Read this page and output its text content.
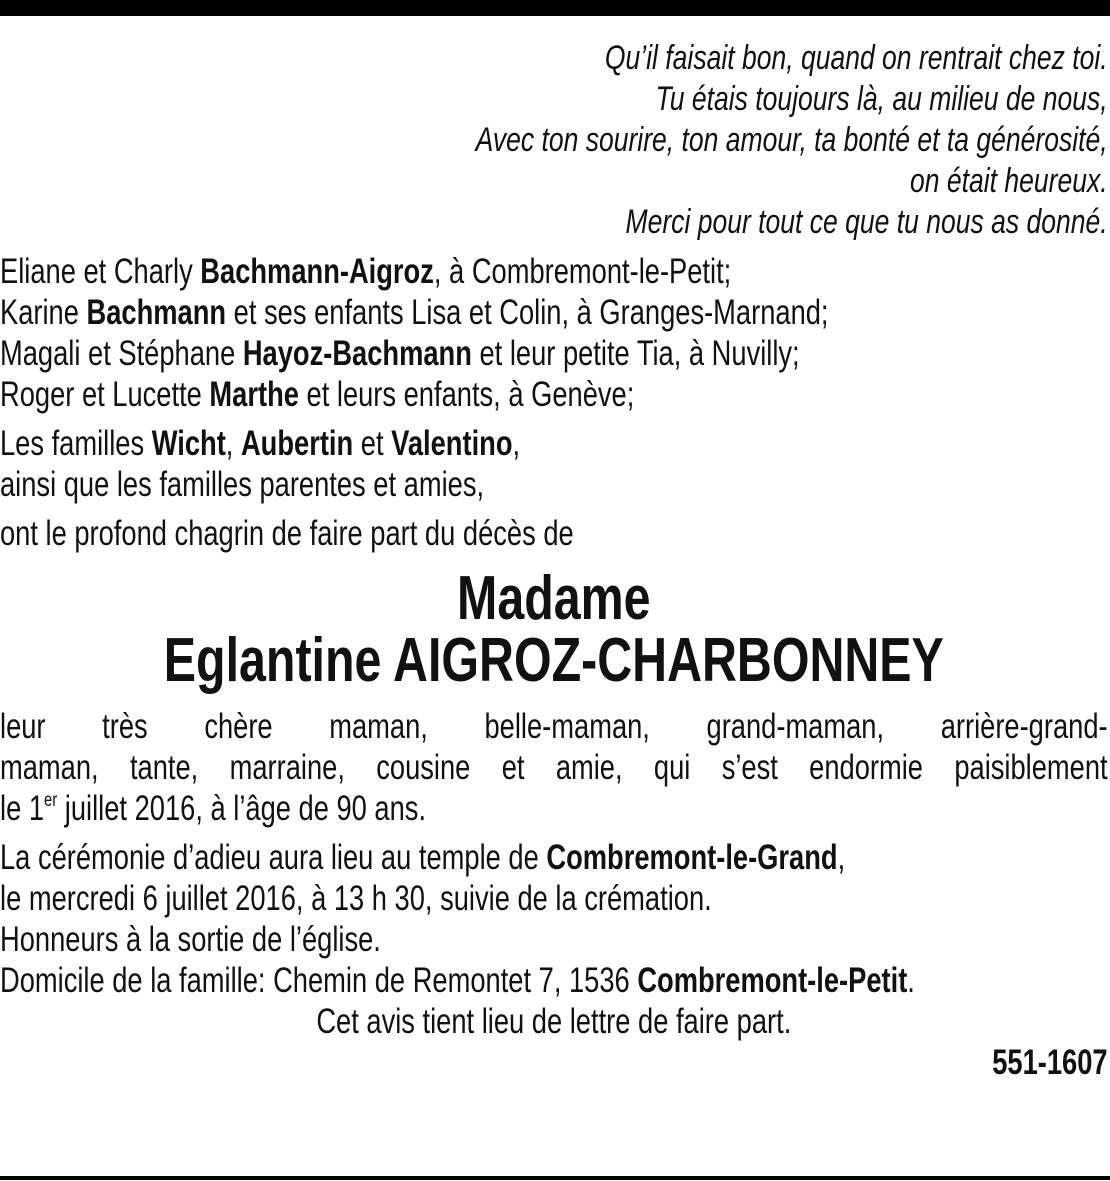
Qu’il faisait bon, quand on rentrait chez toi.
Tu étais toujours là, au milieu de nous,
Avec ton sourire, ton amour, ta bonté et ta générosité,
on était heureux.
Merci pour tout ce que tu nous as donné.
Eliane et Charly Bachmann-Aigroz, à Combremont-le-Petit;
Karine Bachmann et ses enfants Lisa et Colin, à Granges-Marnand;
Magali et Stéphane Hayoz-Bachmann et leur petite Tia, à Nuvilly;
Roger et Lucette Marthe et leurs enfants, à Genève;
Les familles Wicht, Aubertin et Valentino,
ainsi que les familles parentes et amies,
ont le profond chagrin de faire part du décès de
Madame
Eglantine AIGROZ-CHARBONNEY
leur très chère maman, belle-maman, grand-maman, arrière-grand-
maman, tante, marraine, cousine et amie, qui s’est endormie paisiblement
le 1er juillet 2016, à l’âge de 90 ans.
La cérémonie d’adieu aura lieu au temple de Combremont-le-Grand,
le mercredi 6 juillet 2016, à 13 h 30, suivie de la crémation.
Honneurs à la sortie de l’église.
Domicile de la famille: Chemin de Remontet 7, 1536 Combremont-le-Petit.
Cet avis tient lieu de lettre de faire part.
551-1607
